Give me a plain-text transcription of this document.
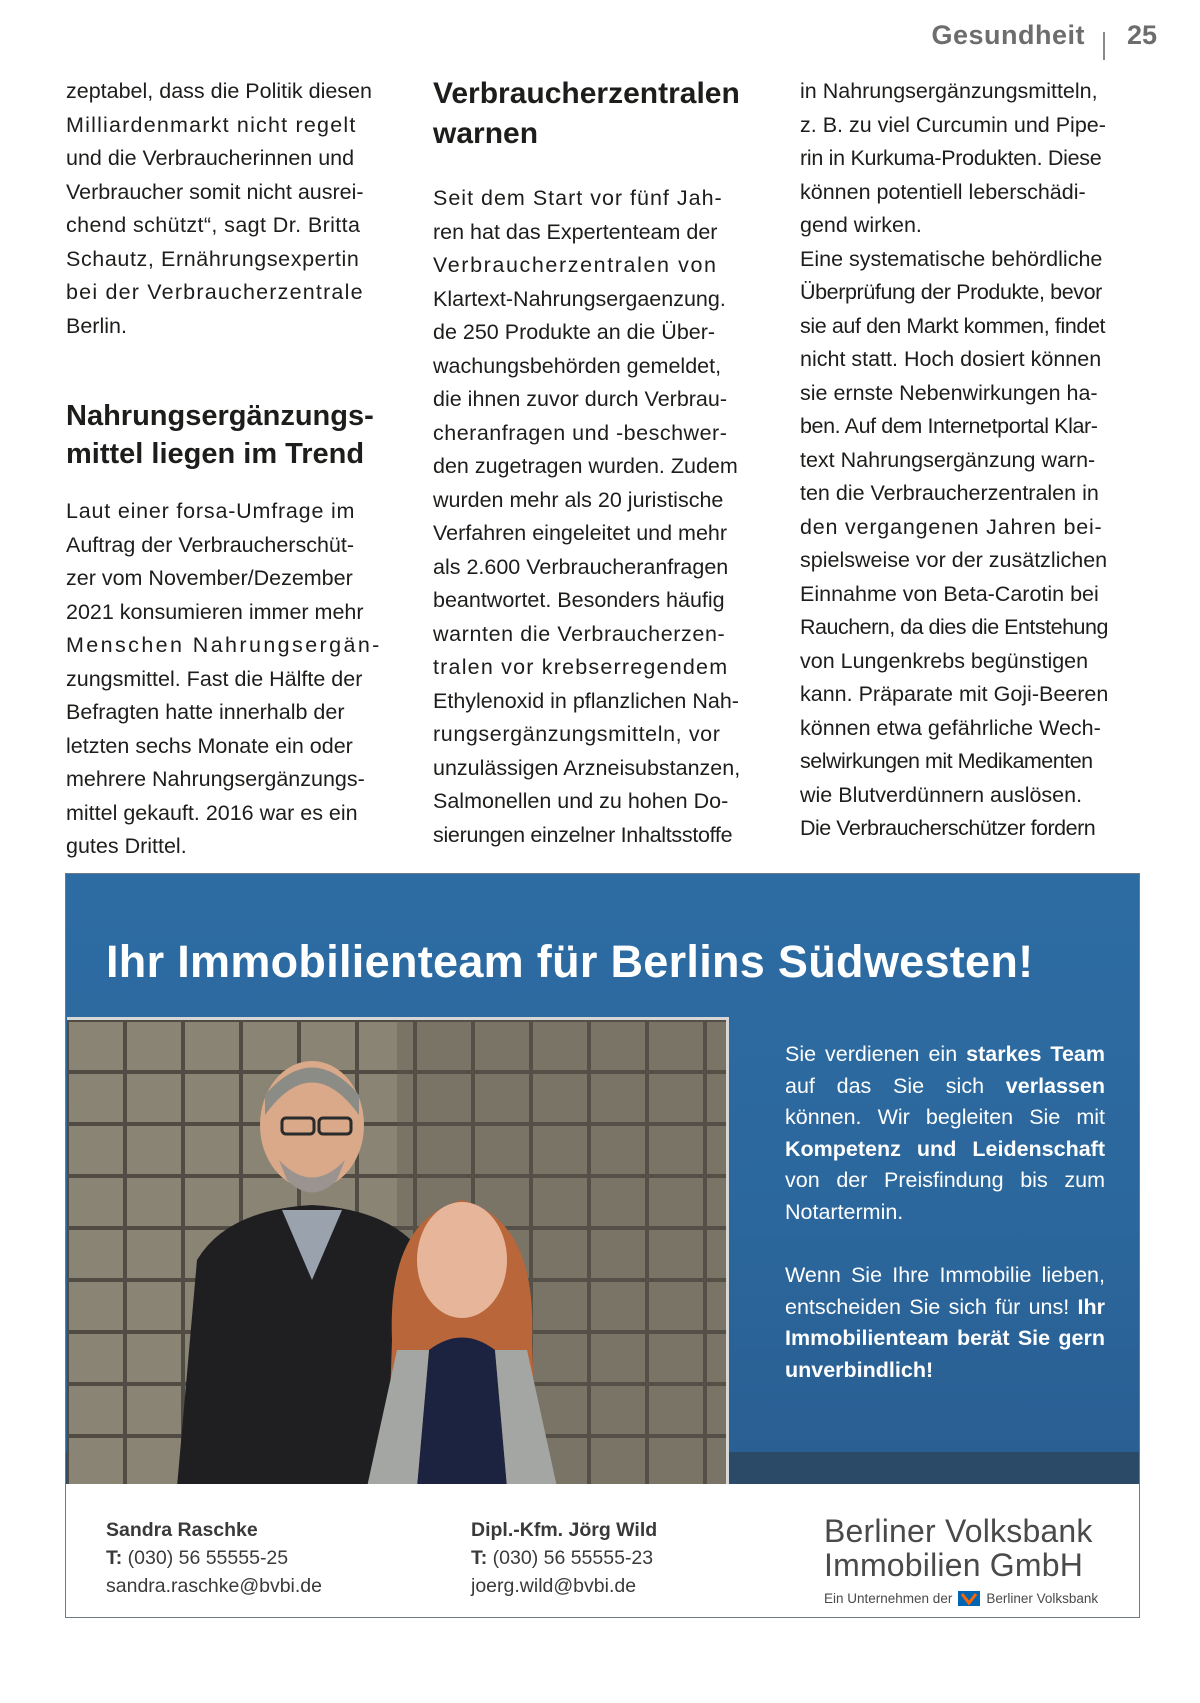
Gesundheit	25

zeptabel, dass die Politik diesen
Milliardenmarkt nicht regelt
und die Verbraucherinnen und
Verbraucher somit nicht ausrei-
chend schützt“, sagt Dr. Britta
Schautz, Ernährungsexpertin
bei der Verbraucherzentrale
Berlin.

Nahrungsergänzungs-
mittel liegen im Trend

Laut einer forsa-Umfrage im
Auftrag der Verbraucherschüt-
zer vom November/Dezember
2021 konsumieren immer mehr
Menschen Nahrungsergän-
zungsmittel. Fast die Hälfte der
Befragten hatte innerhalb der
letzten sechs Monate ein oder
mehrere Nahrungsergänzungs-
mittel gekauft. 2016 war es ein
gutes Drittel.

Verbraucherzentralen
warnen

Seit dem Start vor fünf Jah-
ren hat das Expertenteam der
Verbraucherzentralen von
Klartext-Nahrungsergaenzung.
de 250 Produkte an die Über-
wachungsbehörden gemeldet,
die ihnen zuvor durch Verbrau-
cheranfragen und -beschwer-
den zugetragen wurden. Zudem
wurden mehr als 20 juristische
Verfahren eingeleitet und mehr
als 2.600 Verbraucheranfragen
beantwortet. Besonders häufig
warnten die Verbraucherzen-
tralen vor krebserregendem
Ethylenoxid in pflanzlichen Nah-
rungsergänzungsmitteln, vor
unzulässigen Arzneisubstanzen,
Salmonellen und zu hohen Do-
sierungen einzelner Inhaltsstoffe

in Nahrungsergänzungsmitteln,
z. B. zu viel Curcumin und Pipe-
rin in Kurkuma-Produkten. Diese
können potentiell leberschädi-
gend wirken.

Eine systematische behördliche
Überprüfung der Produkte, bevor
sie auf den Markt kommen, findet
nicht statt. Hoch dosiert können
sie ernste Nebenwirkungen ha-
ben. Auf dem Internetportal Klar-
text Nahrungsergänzung warn-
ten die Verbraucherzentralen in
den vergangenen Jahren bei-
spielsweise vor der zusätzlichen
Einnahme von Beta-Carotin bei
Rauchern, da dies die Entstehung
von Lungenkrebs begünstigen
kann. Präparate mit Goji-Beeren
können etwa gefährliche Wech-
selwirkungen mit Medikamenten
wie Blutverdünnern auslösen.
Die Verbraucherschützer fordern

Ihr Immobilienteam für Berlins Südwesten!

Sie verdienen ein starkes Team auf das Sie sich verlassen können. Wir begleiten Sie mit Kompetenz und Leidenschaft von der Preisfindung bis zum Notartermin.

Wenn Sie Ihre Immobilie lieben, entscheiden Sie sich für uns! Ihr Immobilienteam berät Sie gern unverbindlich!

Sandra Raschke
T: (030) 56 55555-25
sandra.raschke@bvbi.de
Dipl.-Kfm. Jörg Wild
T: (030) 56 55555-23
joerg.wild@bvbi.de
Berliner Volksbank
Immobilien GmbH
Ein Unternehmen der	Berliner Volksbank
